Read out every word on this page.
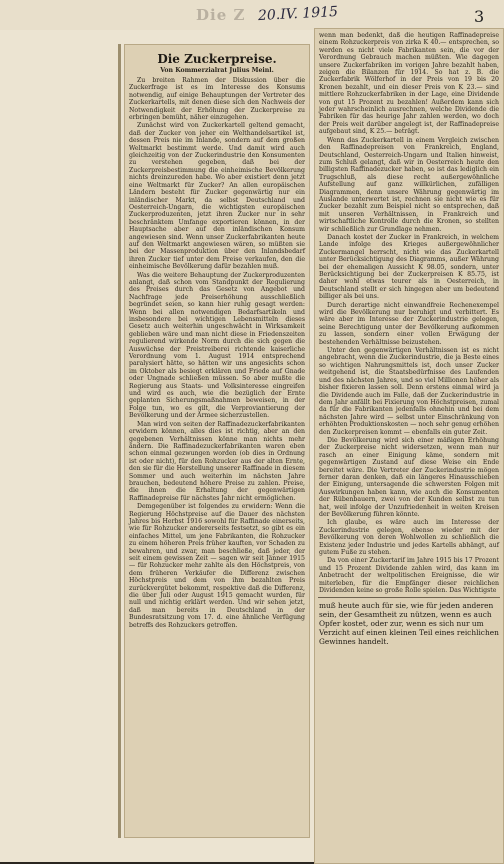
Die Z 20.IV. 1915	3
Die Zuckerpreise.
Von Kommerzialrat Julius Meinl.

Zu breiten Rahmen der Diskussion über die Zuckerfrage ist es im Interesse des Konsums notwendig, auf einige Behauptungen der Vertreter des Zuckerkartells, mit denen diese sich den Nachweis der Notwendigkeit der Erhöhung der Zuckerpreise zu erbringen bemüht, näher einzugehen.

Zunächst wird von Zuckerkartell geltend gemacht, daß der Zucker von jeher ein Welthandelsartikel ist, dessen Preis nie im Inlande, sondern auf dem großen Weltmarkt bestimmt werde. Und damit wird auch gleichzeitig von der Zuckerindustrie den Konsumenten zu verstehen gegeben, daß bei der Zuckerpreisbestimmung die einheimische Bevölkerung nichts dreinzureden habe. Wo aber existiert denn jetzt eine Weltmarkt für Zucker? An allen europäischen Ländern besteht für Zucker gegenwärtig nur ein inländischer Markt, da selbst Deutschland und Oesterreich-Ungarn, die wichtigsten europäischen Zuckerproduzenten, jetzt ihren Zucker nur in sehr beschränktem Umfange exportieren können, in der Hauptsache aber auf den inländischen Konsum angewiesen sind. Wenn unser Zuckerfabrikanten heute auf den Weltmarkt angewiesen wären, so müßten sie bei der Massenproduktion über den Inlandsbedarf ihren Zucker tief unter dem Preise verkaufen, den die einheimische Bevölkerung dafür bezahlen muß.

Was die weitere Behauptung der Zuckerproduzenten anlangt, daß schon vom Standpunkt der Regulierung des Preises durch das Gesetz von Angebot und Nachfrage jede Preiserhöhung ausschließlich begründet seien, so kann hier ruhig gesagt werden: Wenn bei allen notwendigen Bedarfsartikeln und insbesondere bei wichtigen Lebensmitteln dieses Gesetz auch weiterhin ungeschwächt in Wirksamkeit geblieben wäre und man nicht diese in Friedenszeiten regulierend wirkende Norm durch die sich gegen die Auswüchse der Preistreiberei richtende kaiserliche Verordnung vom 1. August 1914 entsprechend paralysiert hätte, so hätten wir uns angesichts schon im Oktober als besiegt erklären und Friede auf Gnade oder Ungnade schließen müssen. So aber mußte die Regierung aus Staats- und Volksinteresse eingreifen und wird es auch, wie die bezüglich der Ernte geplanten Sicherungsmaßnahmen beweisen, in der Folge tun, wo es gilt, die Verproviantierung der Bevölkerung und der Armee sicherzustellen.

Man wird von seiten der Raffinadezuckerfabrikanten erwidern können, alles dies ist richtig, aber an den gegebenen Verhältnissen könne man nichts mehr ändern. Die Raffinadezuckerfabrikanten waren eben schon einmal gezwungen worden (ob dies in Ordnung ist oder nicht), für den Rohzucker aus der alten Ernte, den sie für die Herstellung unserer Raffinade in diesem Sommer und auch weiterhin im nächsten Jahre brauchen, bedeutend höhere Preise zu zahlen. Preise, die ihnen die Erhaltung der gegenwärtigen Raffinadepreise für nächstes Jahr nicht ermöglichen.

Demgegenüber ist folgendes zu erwidern: Wenn die Regierung Höchstpreise auf die Dauer des nächsten Jahres bis Herbst 1916 sowohl für Raffinade einerseits, wie für Rohzucker andererseits festsetzt, so gibt es ein einfaches Mittel, um jene Fabrikanten, die Rohzucker zu einem höheren Preis früher kauften, vor Schaden zu bewahren, und zwar, man beschließe, daß jeder, der seit einem gewissen Zeit — sagen wir seit Jänner 1915 — für Rohzucker mehr zahlte als den Höchstpreis, von dem früheren Verkäufer die Differenz zwischen Höchstpreis und dem von ihm bezahlten Preis zurückvergütet bekommt, respektive daß die Differenz, die über Juli oder August 1915 gemacht wurden, für null und nichtig erklärt werden. Und wir sehen jetzt, daß man bereits in Deutschland in der Bundesratsitzung vom 17. d. eine ähnliche Verfügung betreffs des Rohzuckers getroffen.

wenn man bedenkt, daß die heutigen Raffinadepreise einem Rohzuckerpreis von zirka K 40.— entsprechen, so werden es nicht viele Fabrikanten sein, die vor der Verordnung Gebrauch machen müßten. Wie dagegen unsere Zuckerfabriken im vorigen Jahre bezahlt haben, zeigen die Bilanzen für 1914. So hat z. B. die Zuckerfabrik Wölferhof in der Preis von 19 bis 20 Kronen bezahlt, und ein dieser Preis von K 23.— sind mittlere Rohzuckerfabriken in der Lage, eine Dividende von gut 15 Prozent zu bezahlen! Außerdem kann sich jeder wahrscheinlich ausrechnen, welche Dividende die Fabriken für das heurige Jahr zahlen werden, wo doch der Preis weit darüber angelegt ist, der Raffinadepreise aufgebaut sind, K 25.— beträgt.

Wenn das Zuckerkartell in einem Vergleich zwischen den Raffinadepreisen von Frankreich, England, Deutschland, Oesterreich-Ungarn und Italien hinweist, zum Schluß gelangt, daß wir in Oesterreich heute den billigsten Raffinadezucker haben, so ist das lediglich ein Trugschluß, als diese recht außergewöhnliche Aufstellung auf ganz willkürlichen, zufälligen Diagrammen, denn unsere Währung gegenwärtig im Auslande unterwertet ist, rechnen sie nicht wie es für Zucker bezahlt zum Beispiel nicht so entsprechen, daß mit unseren Verhältnissen, in Frankreich und wirtschaftliche Kontrolle durch die Kronen, so stellten wir schließlich zur Grundlage nehmen.

Danach kostet der Zucker in Frankreich, in welchem Lande infolge des Krieges außergewöhnlicher Zuckermangel herrscht, nicht wie das Zuckerkartell unter Berücksichtigung des Diagramms, außer Währung bei der ehemaligen Aussicht K 98.05, sondern, unter Berücksichtigung bei der Zuckerpreisen K 85.75, ist daher wohl etwas teurer als in Oesterreich, in Deutschland stellt er sich hingegen aber um bedeutend billiger als bei uns.

Durch derartige nicht einwandfreie Rechenexempel wird die Bevölkerung nur beruhigt und verbittert. Es wäre aber im Interesse der Zuckerindustrie gelegen, seine Berechtigung unter der Bevölkerung aufkommen zu lassen, sondern einer vollen Erwägung der bestehenden Verhältnisse beizustehen.

Unter den gegenwärtigen Verhältnissen ist es nicht angebracht, wenn die Zuckerindustrie, die ja Beste eines so wichtigen Nahrungsmittels ist, doch unser Zucker weitgehend ist, die Staatsbedürfnisse des Laufenden und des nächsten Jahres, und so viel Millionen höher als bisher fixieren lassen soll. Denn erstens einmal wird ja die Dividende auch im Falle, daß der Zuckerindustrie in dem Jahr anfällt bei Fixierung von Höchstpreisen, zumal da für die Fabrikanten jedenfalls ohnehin und bei dem nächsten Jahre wird — selbst unter Einschränkung von erhöhten Produktionskosten — noch sehr genug erhöhen den Zuckerpreisen kommt — ebenfalls ein guter Zeit.

Die Bevölkerung wird sich einer mäßigen Erhöhung der Zuckerpreise nicht widersetzen, wenn man nur rasch an einer Einigung käme, sondern mit gegenwärtigen Zustand auf diese Weise ein Ende bereitet wäre. Die Vertreter der Zuckerindustrie mögen ferner daran denken, daß ein längeres Hinausschieben der Einigung, untersagende die schwersten Folgen mit Auswirkungen haben kann, wie auch die Konsumenten der Rübenbauern, zwei von der Kunden selbst zu tun hat, weil infolge der Unzufriedenheit in weiten Kreisen der Bevölkerung führen könnte.

Ich glaube, es wäre auch im Interesse der Zuckerindustrie gelegen, ebenso wieder mit der Bevölkerung von deren Wohlwollen zu schließlich die Existenz jeder Industrie und jedes Kartells abhängt, auf gutem Fuße zu stehen.

Da von einer Zuckertarif im Jahre 1915 bis 17 Prozent und 15 Prozent Dividende zahlen wird, das kann im Anbetracht der weltpolitischen Ereignisse, die wir miterleben, für die Empfänger dieser reichlichen Dividenden keine so große Rolle spielen. Das Wichtigste

muß heute auch für sie, wie für jeden anderen sein, der Gesamtheit zu nützen, wenn es auch Opfer kostet, oder zur, wenn es sich nur um Verzicht auf einen kleinen Teil eines reichlichen Gewinnes handelt.
